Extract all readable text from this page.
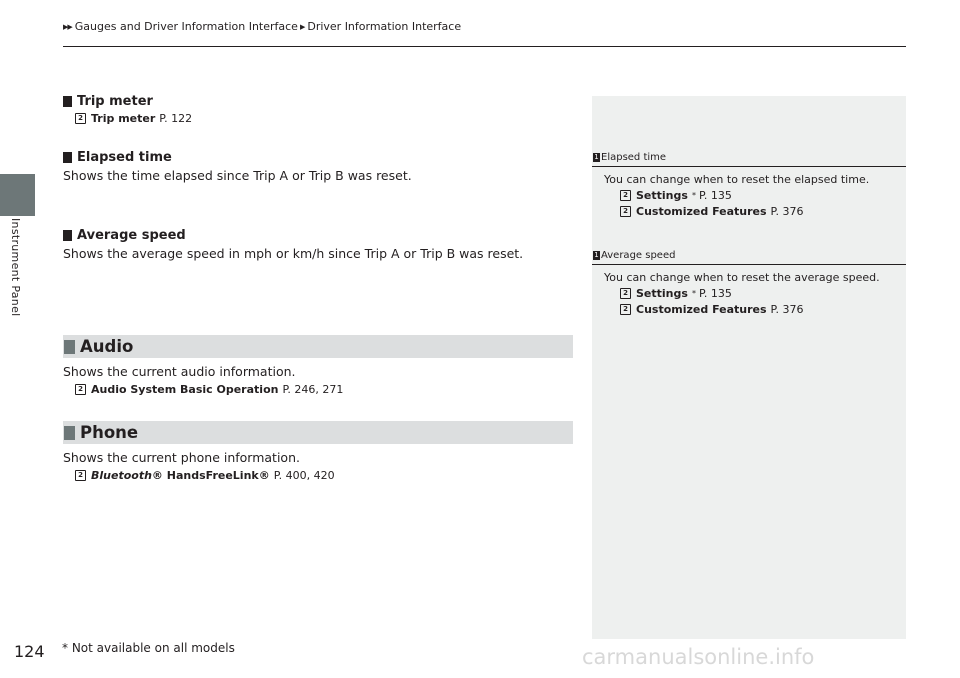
Instrument Panel
▶▶ Gauges and Driver Information Interface ▶ Driver Information Interface
Trip meter
2 Trip meter P. 122
Elapsed time
Shows the time elapsed since Trip A or Trip B was reset.
Average speed
Shows the average speed in mph or km/h since Trip A or Trip B was reset.
Audio
Shows the current audio information.
2 Audio System Basic Operation P. 246, 271
Phone
Shows the current phone information.
2 Bluetooth® HandsFreeLink® P. 400, 420
1 Elapsed time
You can change when to reset the elapsed time.
2 Settings * P. 135
2 Customized Features P. 376
1 Average speed
You can change when to reset the average speed.
2 Settings * P. 135
2 Customized Features P. 376
124 * Not available on all models	carmanualsonline.info
